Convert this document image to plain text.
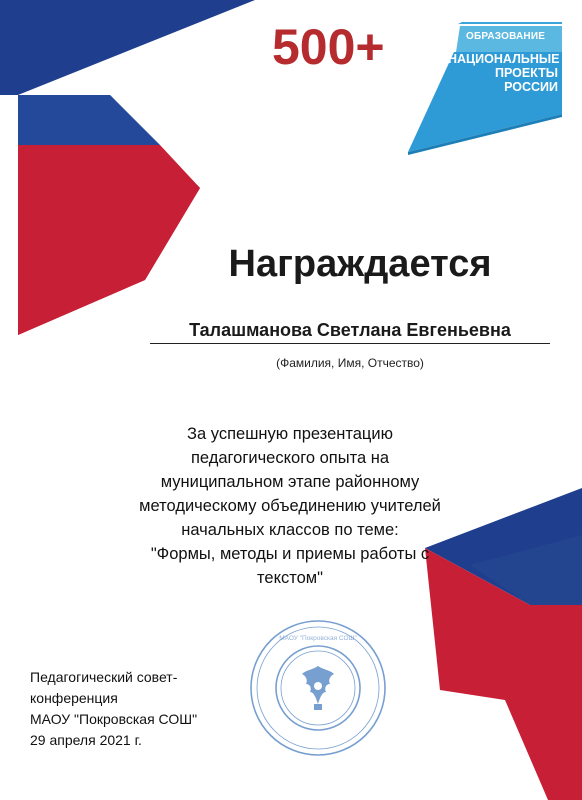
500+	ОБРАЗОВАНИЕ
НАЦИОНАЛЬНЫЕ
ПРОЕКТЫ
РОССИИ
Награждается
Талашманова Светлана Евгеньевна
(Фамилия, Имя, Отчество)
За успешную презентацию
педагогического опыта на
муниципальном этапе районному
методическому объединению учителей
начальных классов по теме:
"Формы, методы и приемы работы с
текстом"
Педагогический совет-
конференция
МАОУ "Покровская СОШ"
29 апреля 2021 г.
МАОУ "Покровская СОШ"
